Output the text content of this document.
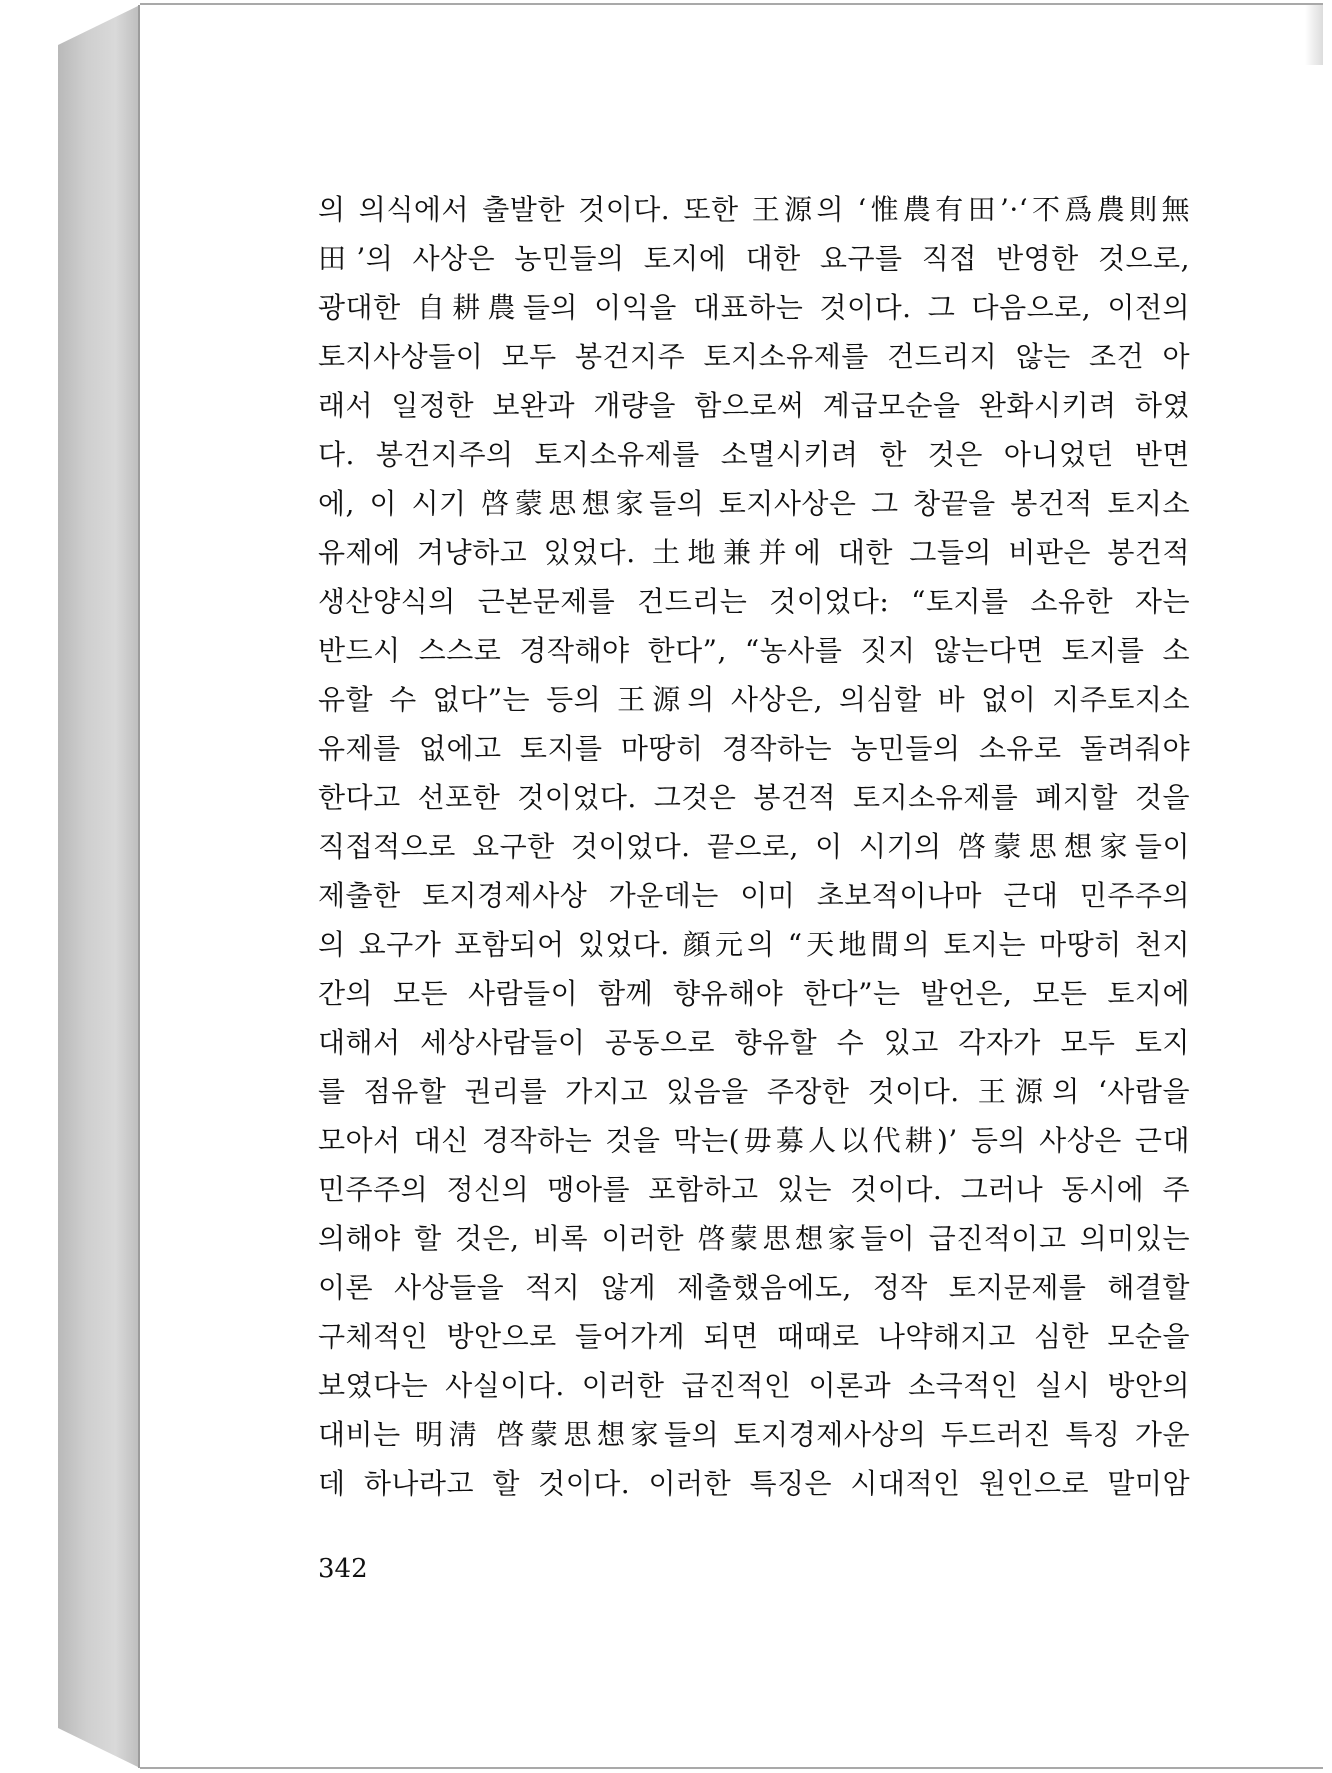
의 의식에서 출발한 것이다. 또한 王源의 ‘惟農有田’·‘不爲農則無
田’의 사상은 농민들의 토지에 대한 요구를 직접 반영한 것으로,
광대한 自耕農들의 이익을 대표하는 것이다. 그 다음으로, 이전의
토지사상들이 모두 봉건지주 토지소유제를 건드리지 않는 조건 아
래서 일정한 보완과 개량을 함으로써 계급모순을 완화시키려 하였
다. 봉건지주의 토지소유제를 소멸시키려 한 것은 아니었던 반면
에, 이 시기 啓蒙思想家들의 토지사상은 그 창끝을 봉건적 토지소
유제에 겨냥하고 있었다. 土地兼并에 대한 그들의 비판은 봉건적
생산양식의 근본문제를 건드리는 것이었다: “토지를 소유한 자는
반드시 스스로 경작해야 한다”, “농사를 짓지 않는다면 토지를 소
유할 수 없다”는 등의 王源의 사상은, 의심할 바 없이 지주토지소
유제를 없에고 토지를 마땅히 경작하는 농민들의 소유로 돌려줘야
한다고 선포한 것이었다. 그것은 봉건적 토지소유제를 폐지할 것을
직접적으로 요구한 것이었다. 끝으로, 이 시기의 啓蒙思想家들이
제출한 토지경제사상 가운데는 이미 초보적이나마 근대 민주주의
의 요구가 포함되어 있었다. 顔元의 “天地間의 토지는 마땅히 천지
간의 모든 사람들이 함께 향유해야 한다”는 발언은, 모든 토지에
대해서 세상사람들이 공동으로 향유할 수 있고 각자가 모두 토지
를 점유할 권리를 가지고 있음을 주장한 것이다. 王源의 ‘사람을
모아서 대신 경작하는 것을 막는(毋募人以代耕)’ 등의 사상은 근대
민주주의 정신의 맹아를 포함하고 있는 것이다. 그러나 동시에 주
의해야 할 것은, 비록 이러한 啓蒙思想家들이 급진적이고 의미있는
이론 사상들을 적지 않게 제출했음에도, 정작 토지문제를 해결할
구체적인 방안으로 들어가게 되면 때때로 나약해지고 심한 모순을
보였다는 사실이다. 이러한 급진적인 이론과 소극적인 실시 방안의
대비는 明淸 啓蒙思想家들의 토지경제사상의 두드러진 특징 가운
데 하나라고 할 것이다. 이러한 특징은 시대적인 원인으로 말미암
342
